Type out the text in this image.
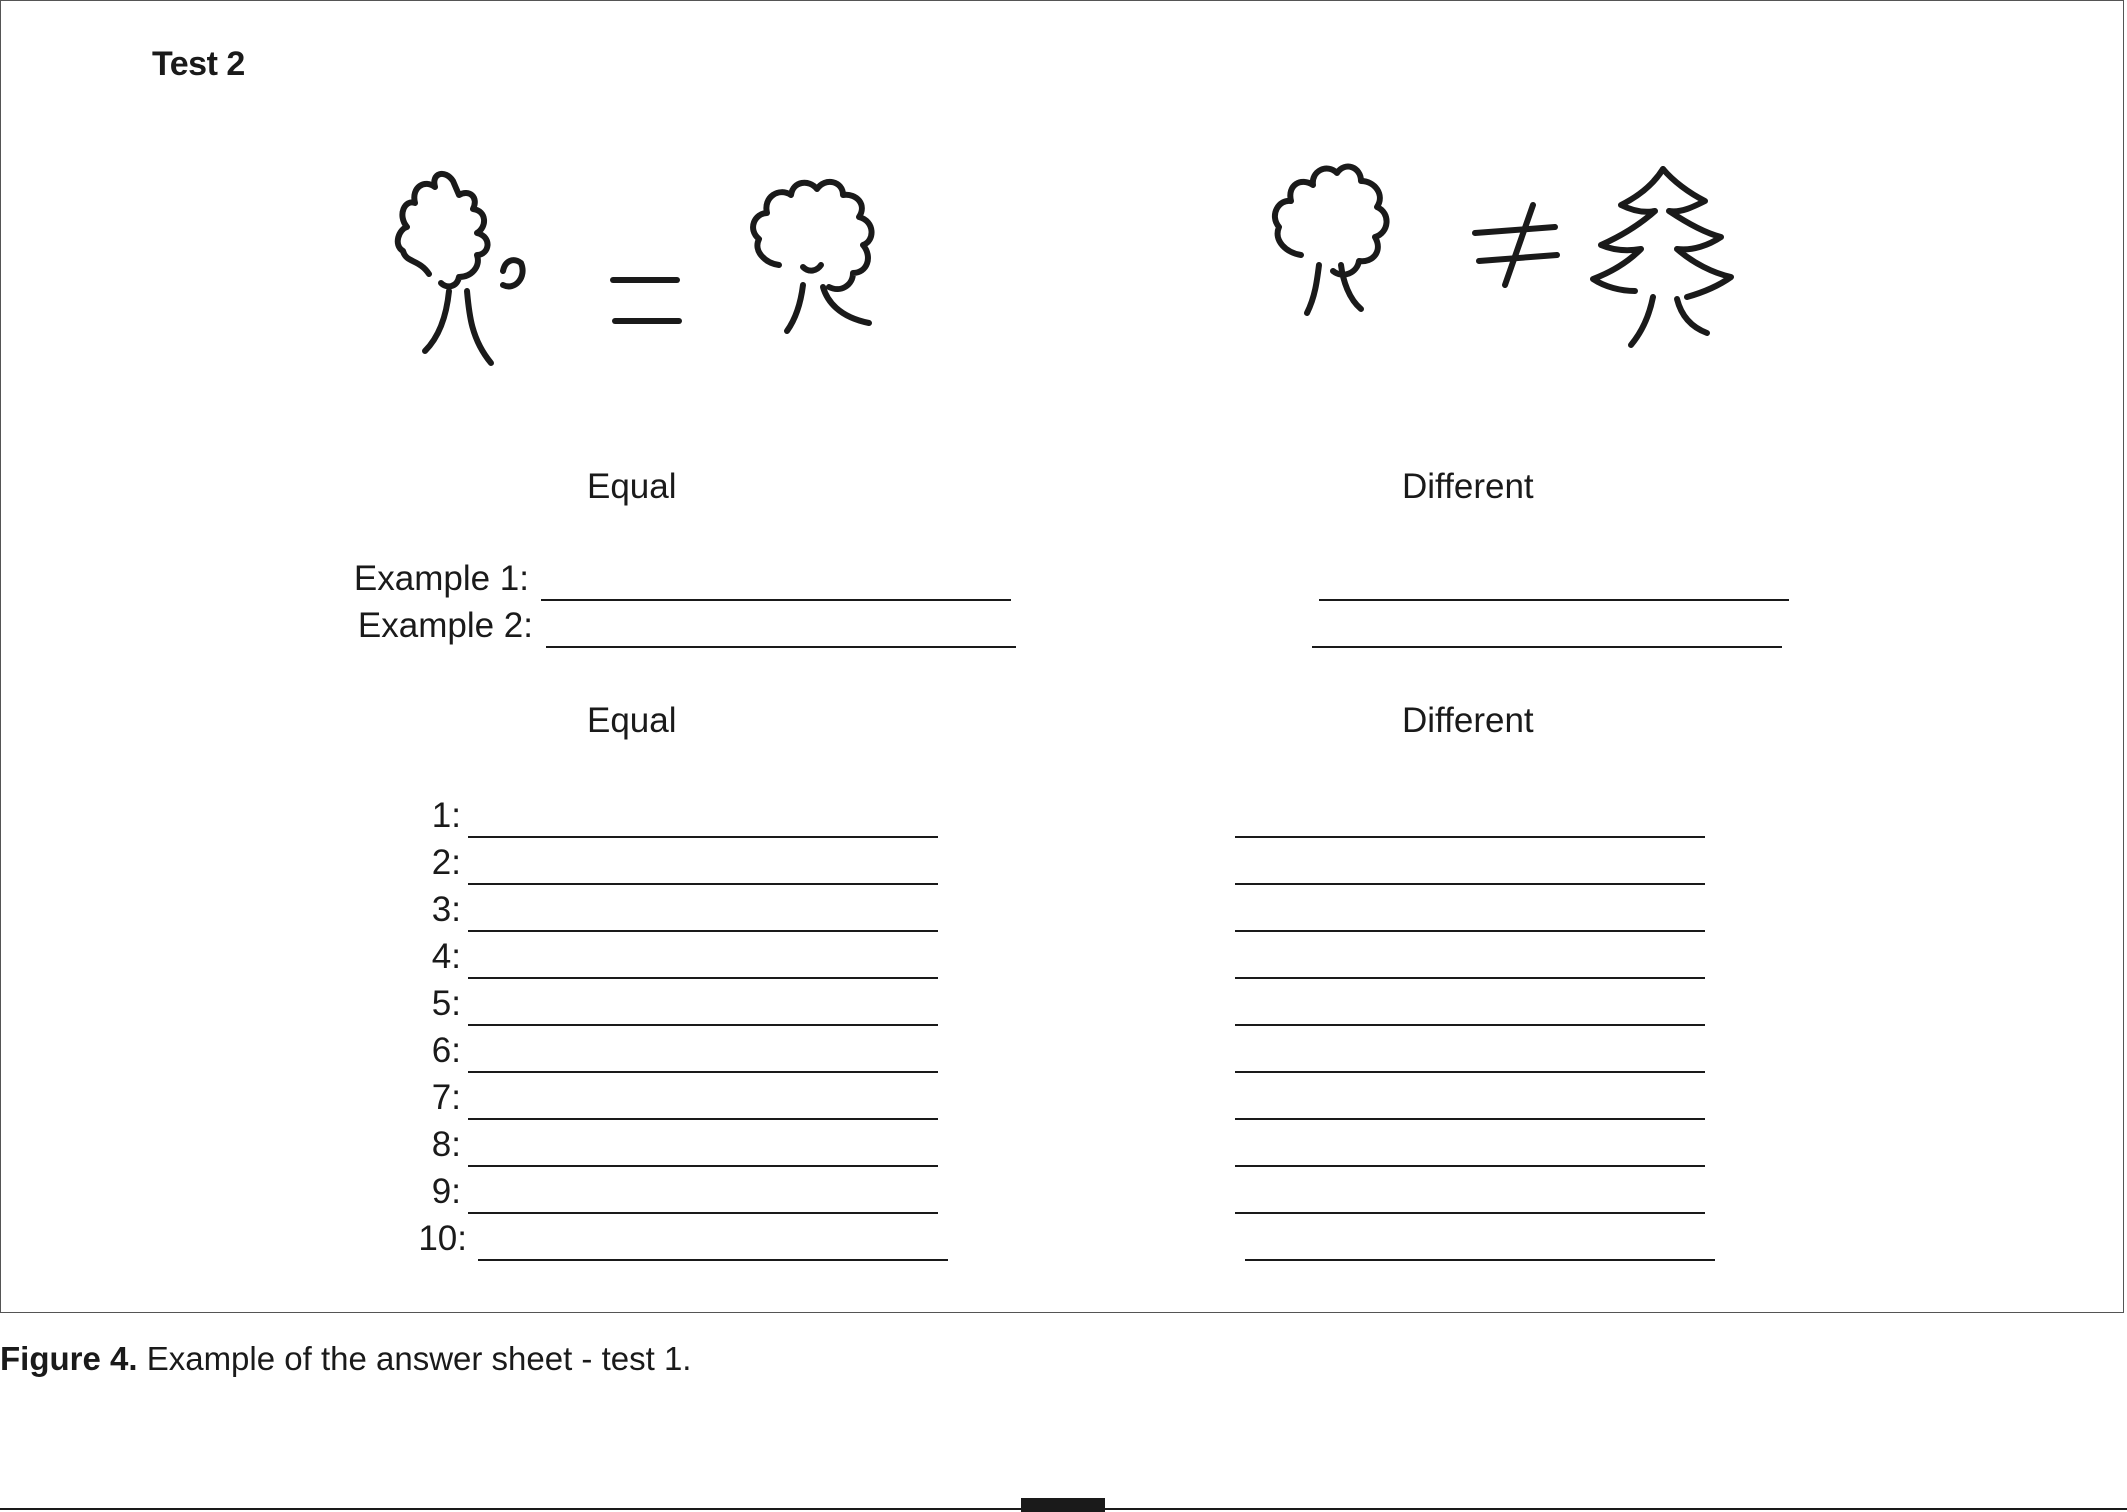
Test 2
Equal	Different
Example 1:
Example 2:
Equal	Different
1:
2:
3:
4:
5:
6:
7:
8:
9:
10:
Figure 4. Example of the answer sheet - test 1.
